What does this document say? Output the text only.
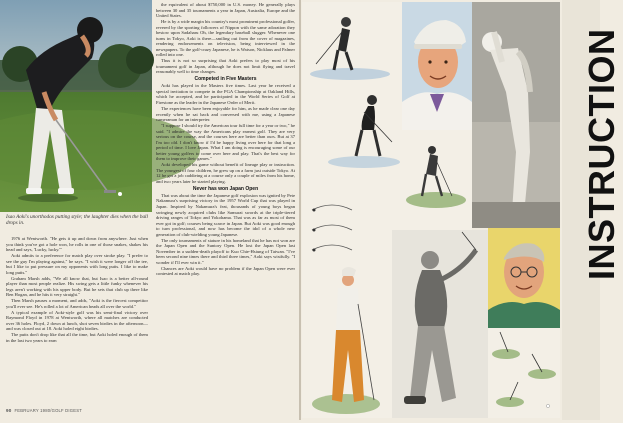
Isao Aoki's unorthodox putting style; the laughter dies when the ball drops in.

1976 at Wentworth. "He gets it up and down from anywhere. Just when you think you've got a hole won, he rolls in one of those snakes, shakes his head and says, 'Lucky, lucky.'"

Aoki admits to a preference for match play over stroke play. "I prefer to see the guy I'm playing against," he says. "I wish it were longer off the tee, but I like to put pressure on my opponents with long putts. I like to make long putts."

Graham Marsh adds, "We all know that, but Isao is a better all-round player than most people realize. His swing gets a little funky whenever his legs aren't working with his upper body. But he sets that club up there like Ben Hogan, and he hits it very straight."

Then Marsh pauses a moment, and adds, "Aoki is the fiercest competitor you'll ever see. He's rolled a lot of American heads all over the world."

A typical example of Aoki-style golf was his semi-final victory over Raymond Floyd in 1978 at Wentworth, where all matches are conducted over 36 holes. Floyd, 2 down at lunch, shot seven birdies in the afternoon—and was closed out at 18. Aoki holed eight birdies.

The putts don't drop like that all the time, but Aoki holed enough of them in the last two years to earn

the equivalent of about $750,000 in U.S. money. He generally plays between 30 and 35 tournaments a year in Japan, Australia, Europe and the United States.

He is by a wide margin his country's most prominent professional golfer, revered by the sporting followers of Nippon with the same adoration they bestow upon Sadaharu Oh, the legendary baseball slugger. Whenever one turns in Tokyo, Aoki is there—smiling out from the cover of magazines, rendering endorsements on television, being interviewed in the newspapers. To the golf-crazy Japanese, he is Watson, Nicklaus and Palmer rolled into one.

Thus it is not so surprising that Aoki prefers to play most of his tournament golf in Japan, although he does not limit flying and travel reasonably well to time changes.

Competed in Five Masters

Aoki has played in the Masters five times. Last year he received a special invitation to compete in the PGA Championship at Oakland Hills, which he accepted, and he participated in the World Series of Golf at Firestone as the leader in the Japanese Order of Merit.

The experiences have been enjoyable for him, as he made clear one day recently when he sat back and conversed with me, using a Japanese cameraman for an interpreter.

"I suppose I should try the American tour full time for a year or two," he said. "I admire the way the Americans play earnest golf. They are very serious on the course, and the courses here are better than ours. But at 37 I'm too old. I don't know if I'd be happy living over here for that long a period of time. I love Japan. What I am doing is encouraging some of our better young golfers to come over here and play. That's the best way for them to improve their games."

Aoki developed his game without benefit of lineage play or instruction. The youngest of four children, he grew up on a farm just outside Tokyo. At 12 he got a job caddieing at a course only a couple of miles from his home, and two years later he started playing.

Never has won Japan Open

That was about the time the Japanese golf explosion was ignited by Pete Nakamura's surprising victory in the 1957 World Cup that was played in Japan. Inspired by Nakamura's feat, thousands of young boys began swinging newly acquired clubs like Samurai swords at the triple-tiered driving ranges of Tokyo and Yokohama. That was as far as most of them ever got in golf; courses being scarce in Japan. But Aoki was good enough to turn professional, and now has become the idol of a whole new generation of club-wielding young Japanese.

The only tournaments of stature in his homeland that he has not won are the Japan Open and the Suntory Open. He lost the Japan Open last November in a sudden-death playoff to Kuo Chie-Hsiung of Taiwan. "I've been second nine times there and third three times," Aoki says wistfully. "I wonder if I'll ever win it."

Chances are Aoki would have no problem if the Japan Open were ever contested at match play.

90 FEBRUARY 1980/GOLF DIGEST
INSTRUCTION
